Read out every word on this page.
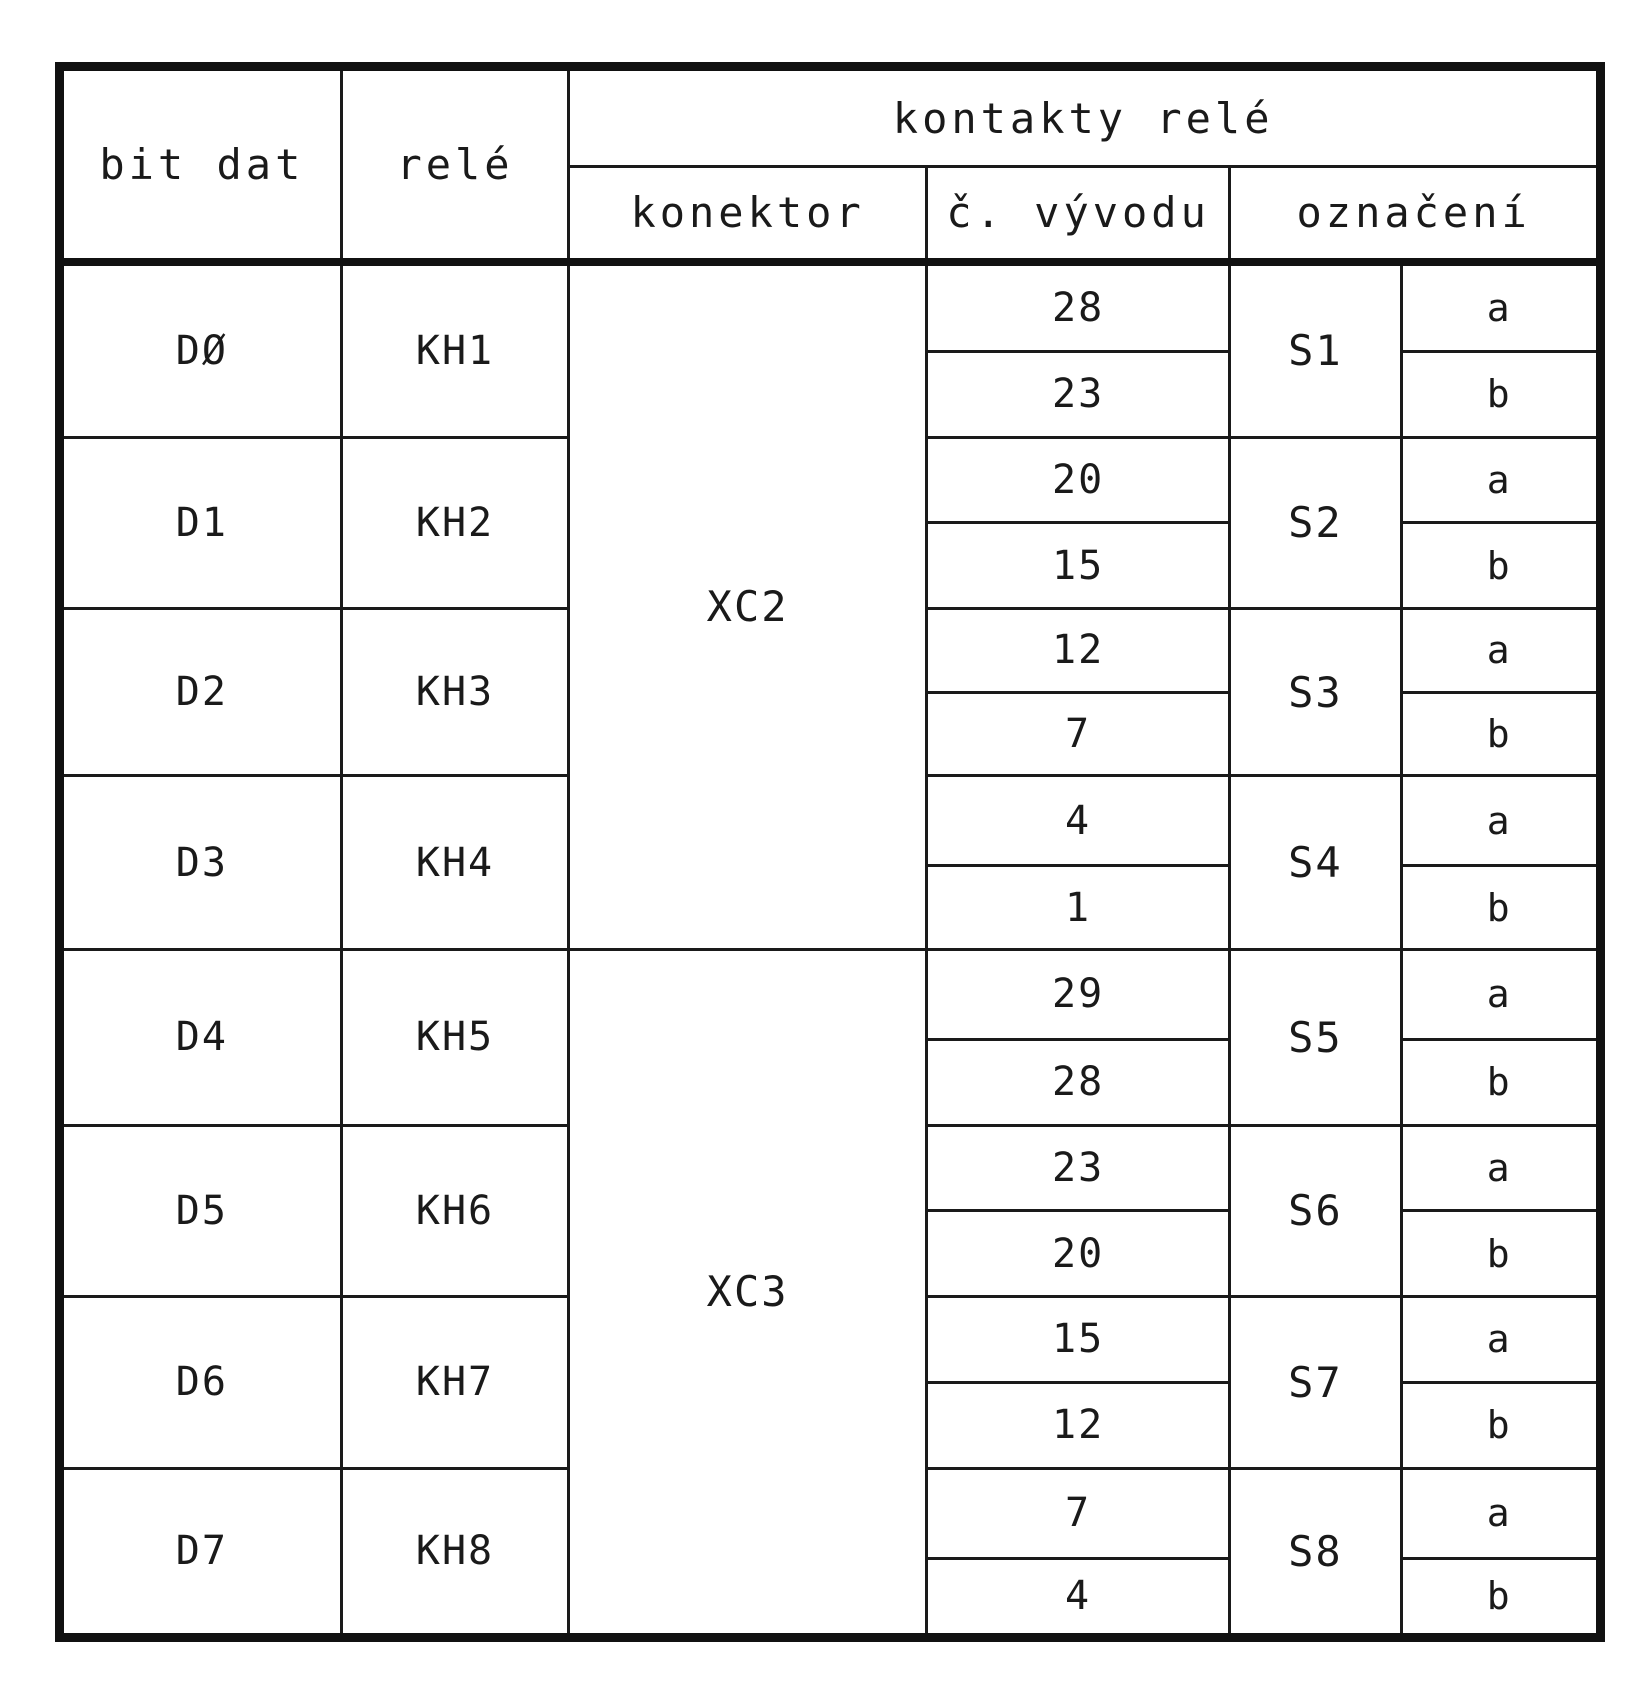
bit dat	relé	kontakty relé			
		konektor	č. vývodu	označení	
DØ	KH1	XC2	28	S1	a
			23		b
D1	KH2		20	S2	a
			15		b
D2	KH3		12	S3	a
			7		b
D3	KH4		4	S4	a
			1		b
D4	KH5	XC3	29	S5	a
			28		b
D5	KH6		23	S6	a
			20		b
D6	KH7		15	S7	a
			12		b
D7	KH8		7	S8	a
			4		b
